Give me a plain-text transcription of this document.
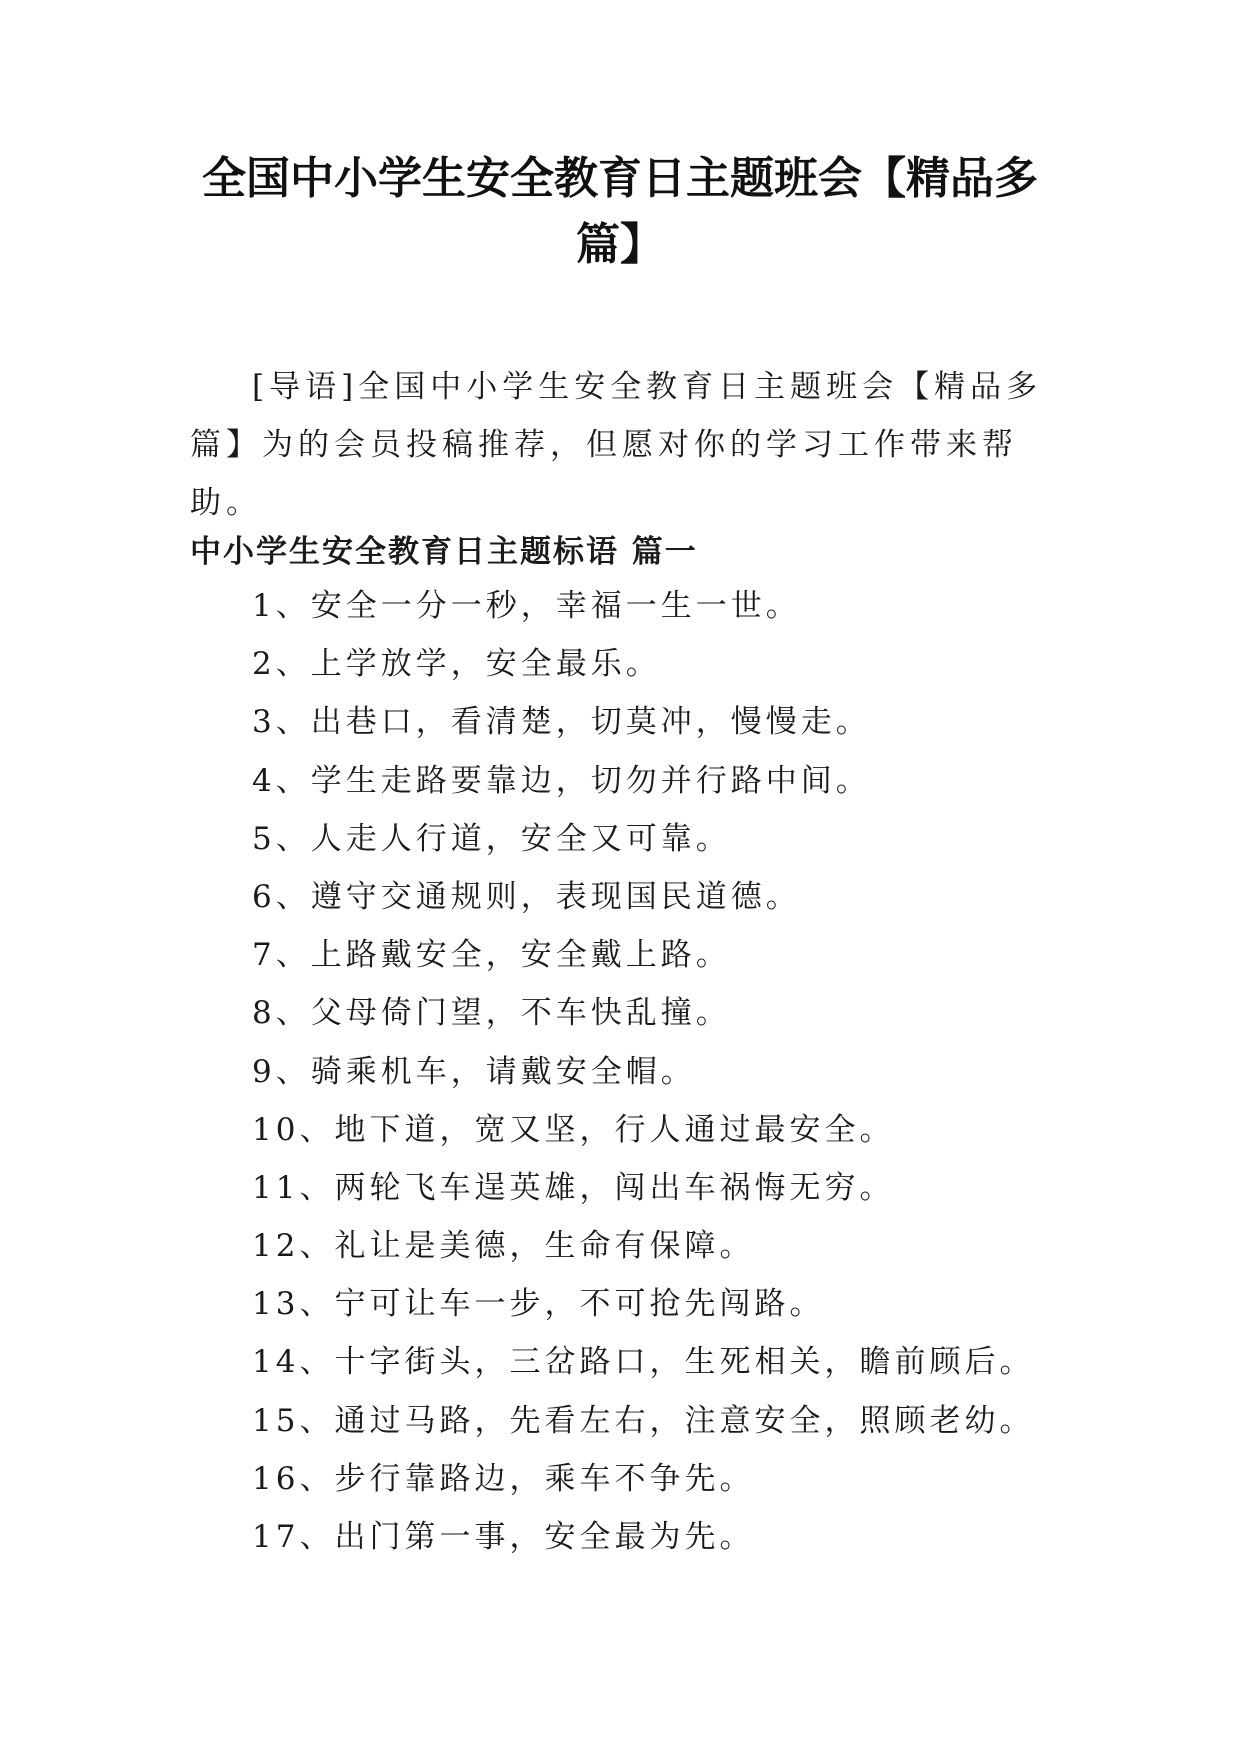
全国中小学生安全教育日主题班会【精品多篇】

[导语]全国中小学生安全教育日主题班会【精品多篇】为的会员投稿推荐，但愿对你的学习工作带来帮助。

中小学生安全教育日主题标语 篇一
1、安全一分一秒，幸福一生一世。
2、上学放学，安全最乐。
3、出巷口，看清楚，切莫冲，慢慢走。
4、学生走路要靠边，切勿并行路中间。
5、人走人行道，安全又可靠。
6、遵守交通规则，表现国民道德。
7、上路戴安全，安全戴上路。
8、父母倚门望，不车快乱撞。
9、骑乘机车，请戴安全帽。
10、地下道，宽又坚，行人通过最安全。
11、两轮飞车逞英雄，闯出车祸悔无穷。
12、礼让是美德，生命有保障。
13、宁可让车一步，不可抢先闯路。
14、十字街头，三岔路口，生死相关，瞻前顾后。
15、通过马路，先看左右，注意安全，照顾老幼。
16、步行靠路边，乘车不争先。
17、出门第一事，安全最为先。
